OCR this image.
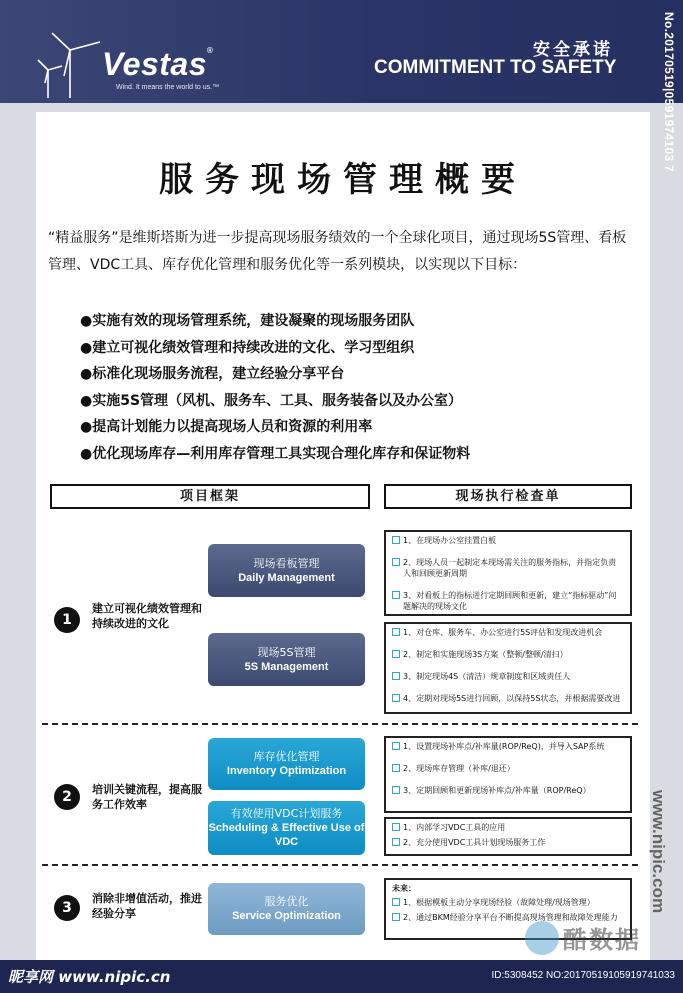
Vestas®
Wind. It means the world to us.™
安全承诺
COMMITMENT TO SAFETY	No.20170519|0591974103 7
服务现场管理概要
“精益服务”是维斯塔斯为进一步提高现场服务绩效的一个全球化项目，通过现场5S管理、看板管理、VDC工具、库存优化管理和服务优化等一系列模块，以实现以下目标：
●实施有效的现场管理系统，建设凝聚的现场服务团队
●建立可视化绩效管理和持续改进的文化、学习型组织
●标准化现场服务流程，建立经验分享平台
●实施5S管理（风机、服务车、工具、服务装备以及办公室）
●提高计划能力以提高现场人员和资源的利用率
●优化现场库存—利用库存管理工具实现合理化库存和保证物料
项目框架	现场执行检查单
1
建立可视化绩效管理和持续改进的文化
现场看板管理
Daily Management
现场5S管理
5S Management
1、在现场办公室挂置白板
2、现场人员一起制定本现场需关注的服务指标，并指定负责人和回顾更新周期
3、对看板上的指标进行定期回顾和更新，建立“指标驱动”问题解决的现场文化
1、对仓库、服务车、办公室进行5S评估和发现改进机会
2、制定和实施现场3S方案（整顿/整顿/清扫）
3、制定现场4S（清洁）规章制度和区域责任人
4、定期对现场5S进行回顾，以保持5S状态，并根据需要改进
2	培训关键流程，提高服务工作效率
库存优化管理
Inventory Optimization
有效使用VDC计划服务
Scheduling & Effective Use of VDC
1、设置现场补库点/补库量(ROP/ReQ)，并导入SAP系统
2、现场库存管理（补库/退还）
3、定期回顾和更新现场补库点/补库量（ROP/ReQ）
1、内部学习VDC工具的应用
2、充分使用VDC工具计划现场服务工作
3
消除非增值活动，推进经验分享
服务优化
Service Optimization
未来：
1、根据模板主动分享现场经验（故障处理/现场管理）
2、通过BKM经验分享平台不断提高现场管理和故障处理能力
www.nipic.com
酷数据
昵享网 www.nipic.cn	ID:5308452 NO:20170519105919741033
